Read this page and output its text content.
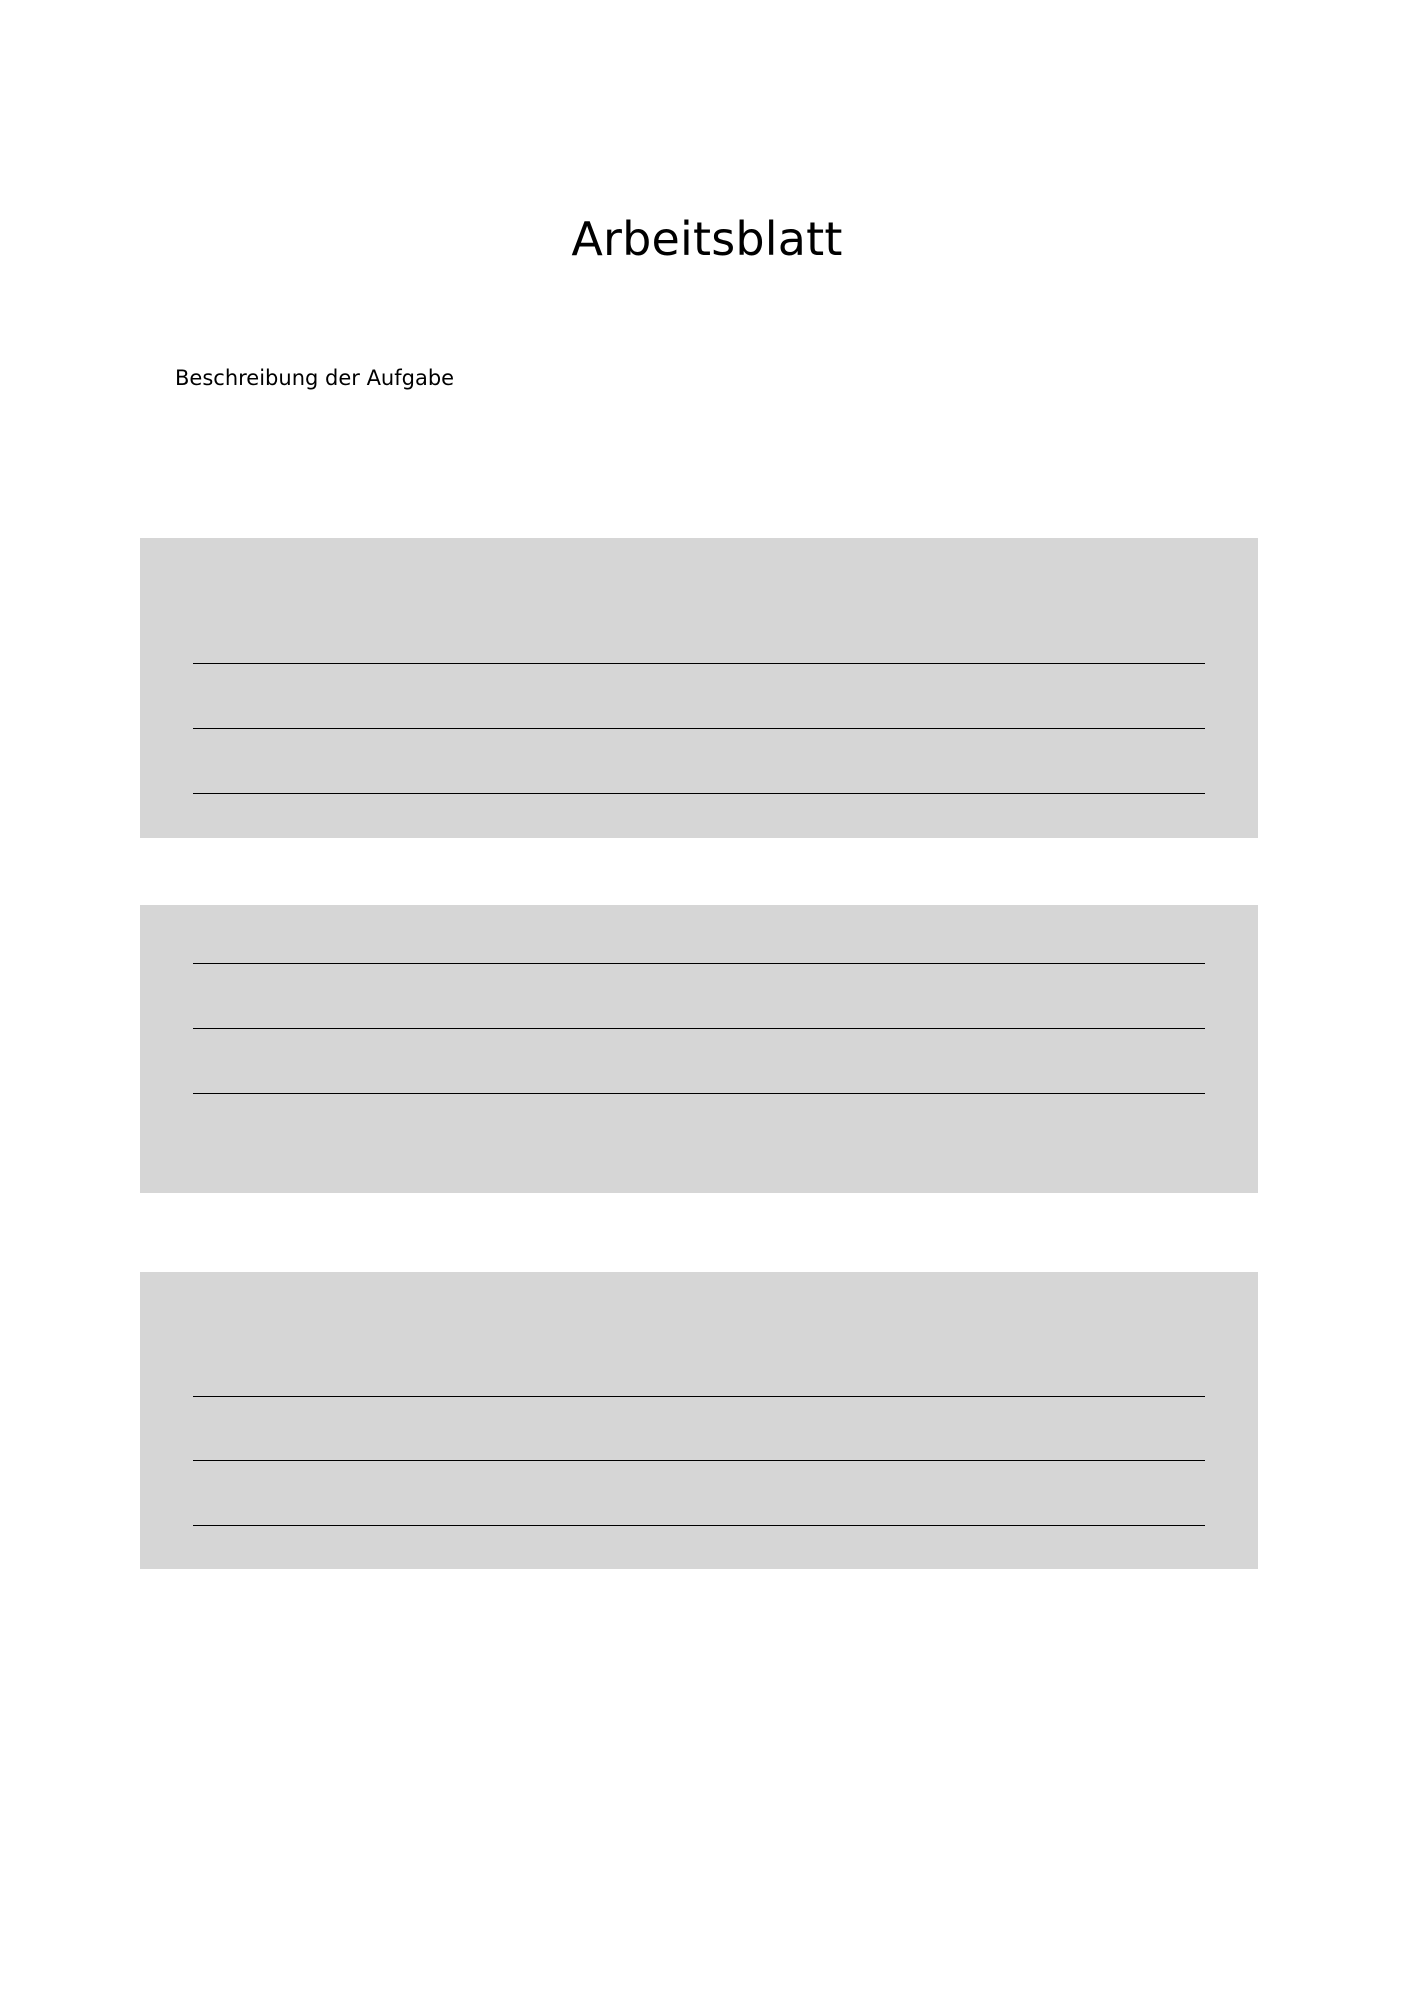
Arbeitsblatt
Beschreibung der Aufgabe
